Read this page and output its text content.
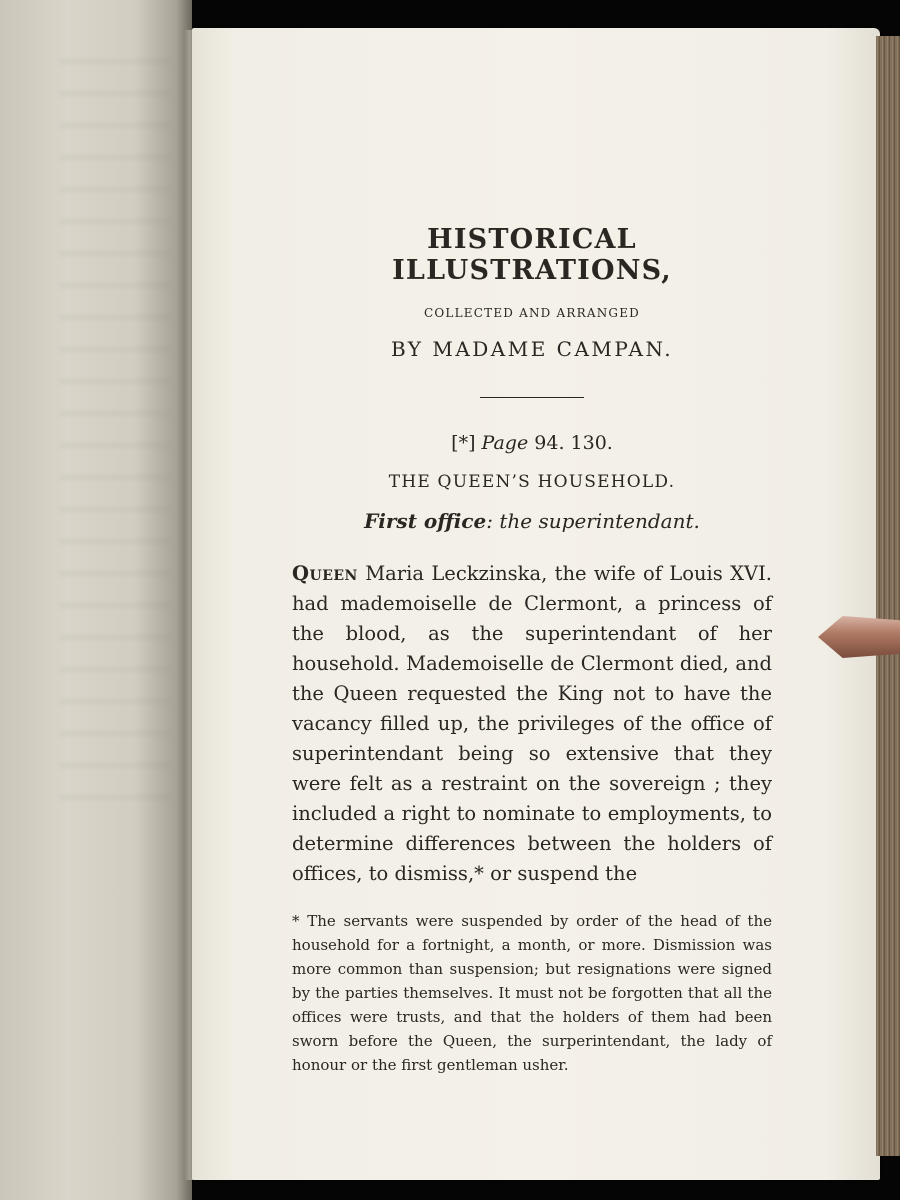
HISTORICAL ILLUSTRATIONS,
COLLECTED AND ARRANGED
BY MADAME CAMPAN.
[*] Page 94. 130.
THE QUEEN’S HOUSEHOLD.
First office: the superintendant.

Queen Maria Leckzinska, the wife of Louis XVI. had mademoiselle de Clermont, a princess of the blood, as the superintendant of her household. Mademoiselle de Clermont died, and the Queen requested the King not to have the vacancy filled up, the privileges of the office of superintendant being so extensive that they were felt as a restraint on the sovereign ; they included a right to nominate to employments, to determine differences between the holders of offices, to dismiss,* or suspend the

* The servants were suspended by order of the head of the household for a fortnight, a month, or more. Dismission was more common than suspension; but resignations were signed by the parties themselves. It must not be forgotten that all the offices were trusts, and that the holders of them had been sworn before the Queen, the surperintendant, the lady of honour or the first gentleman usher.
